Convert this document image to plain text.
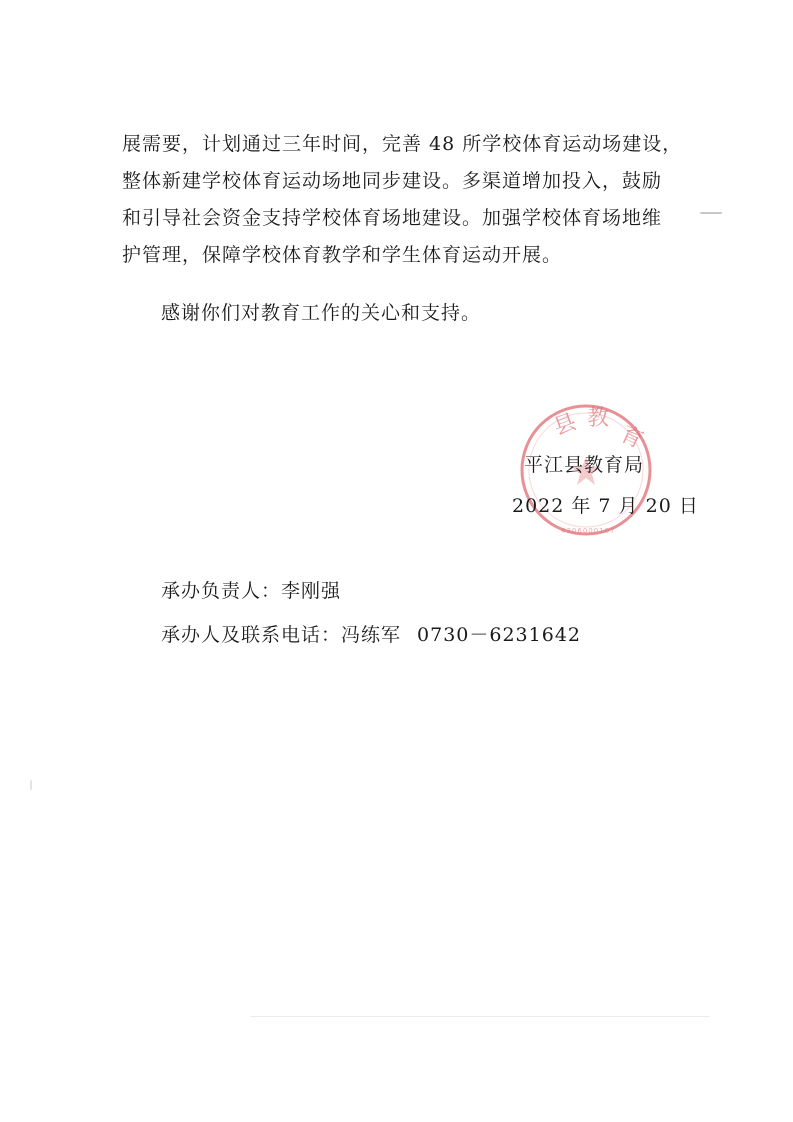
展需要，计划通过三年时间，完善 48 所学校体育运动场建设，

整体新建学校体育运动场地同步建设。多渠道增加投入，鼓励

和引导社会资金支持学校体育场地建设。加强学校体育场地维

护管理，保障学校体育教学和学生体育运动开展。

感谢你们对教育工作的关心和支持。
县 教
育
4306000107
平江县教育局
2022 年 7 月 20 日
承办负责人：李刚强
承办人及联系电话：冯练军 0730－6231642
